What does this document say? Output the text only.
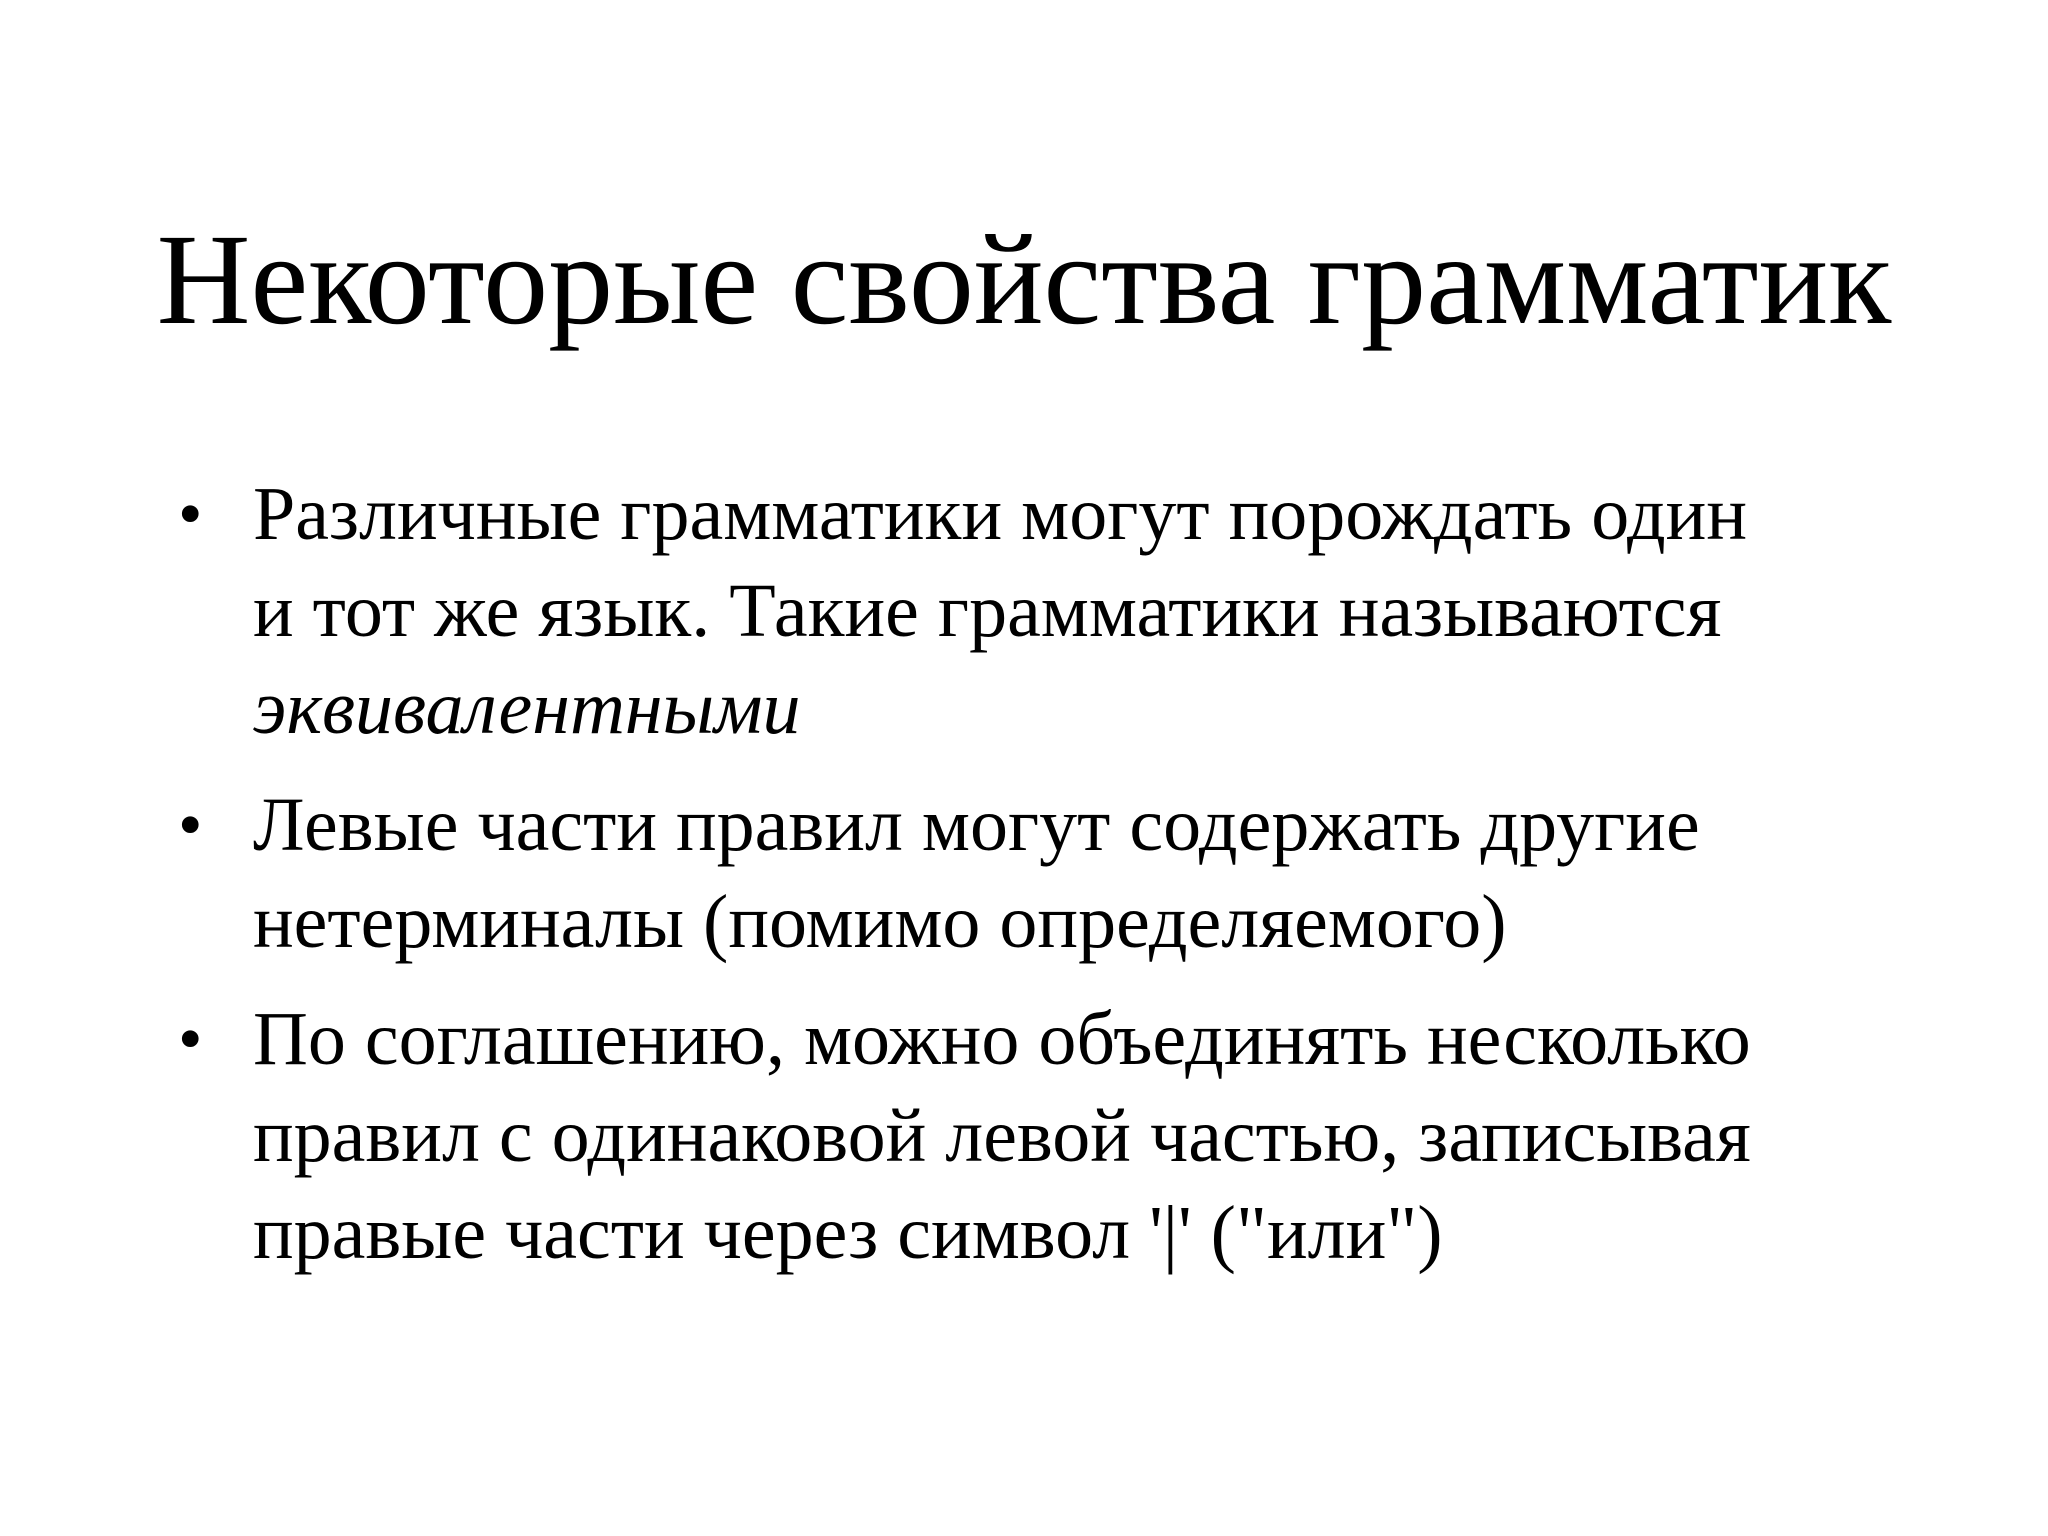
Некоторые свойства грамматик
• Различные грамматики могут порождать один
и тот же язык. Такие грамматики называются
эквивалентными
• Левые части правил могут содержать другие
нетерминалы (помимо определяемого)
• По соглашению, можно объединять несколько
правил с одинаковой левой частью, записывая
правые части через символ '|' ("или")
